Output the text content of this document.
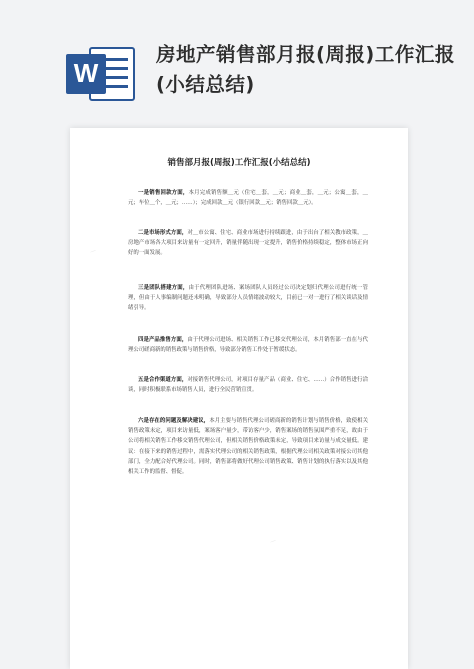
W
房地产销售部月报(周报)工作汇报(小结总结)
—
—
销售部月报(周报)工作汇报(小结总结)
一是销售回款方面，本月完成销售额＿元（住宅＿套，＿元；商业＿套，＿元；公寓＿套，＿元；车位＿个，＿元；……）；完成回款＿元（银行回款＿元；销售回款＿元）。
二是市场形式方面，对＿市公寓、住宅、商业市场进行持续跟进，由于出台了相关教市政策，＿房地产市场各大项目来访量有一定回升，销量伴随出现一定提升，销售价格持续稳定，整体市场正向好的一面发展。
三是团队搭建方面，由于代理团队进场、案场团队人员经过公司决定划归代理公司进行统一管理，但由于人事编制问题还未明确，导致部分人员情绪波动较大，目前已一对一进行了相关谈话及情绪引导。
四是产品推售方面，由于代理公司进场、相关销售工作已移交代理公司，本月销售部一直在与代理公司磋商新的销售政策与销售价格，导致部分销售工作处于暂缓状态。
五是合作渠道方面，对接销售代理公司，对项目存量产品（商业、住宅、……）合作销售进行洽谈，同时积极联系市场销售人员，进行全民营销宣贯。
六是存在的问题及解决建议，本月主要与销售代理公司磋商新的销售计划与销售价格，致使相关销售政策未定，项目来访量低，案场客户量少，带访客户少，销售案场的销售氛围严重不足，故由于公司将相关销售工作移交销售代理公司，但相关销售价格政策未定，导致项目来访量与成交量低。建议：在接下来的销售过程中，需落实代理公司的相关销售政策，根据代理公司相关政策对接公司其他部门，全力配合好代理公司。同时，销售部将做好代理公司销售政策、销售计划的执行落实以及其他相关工作的监督、督促。
